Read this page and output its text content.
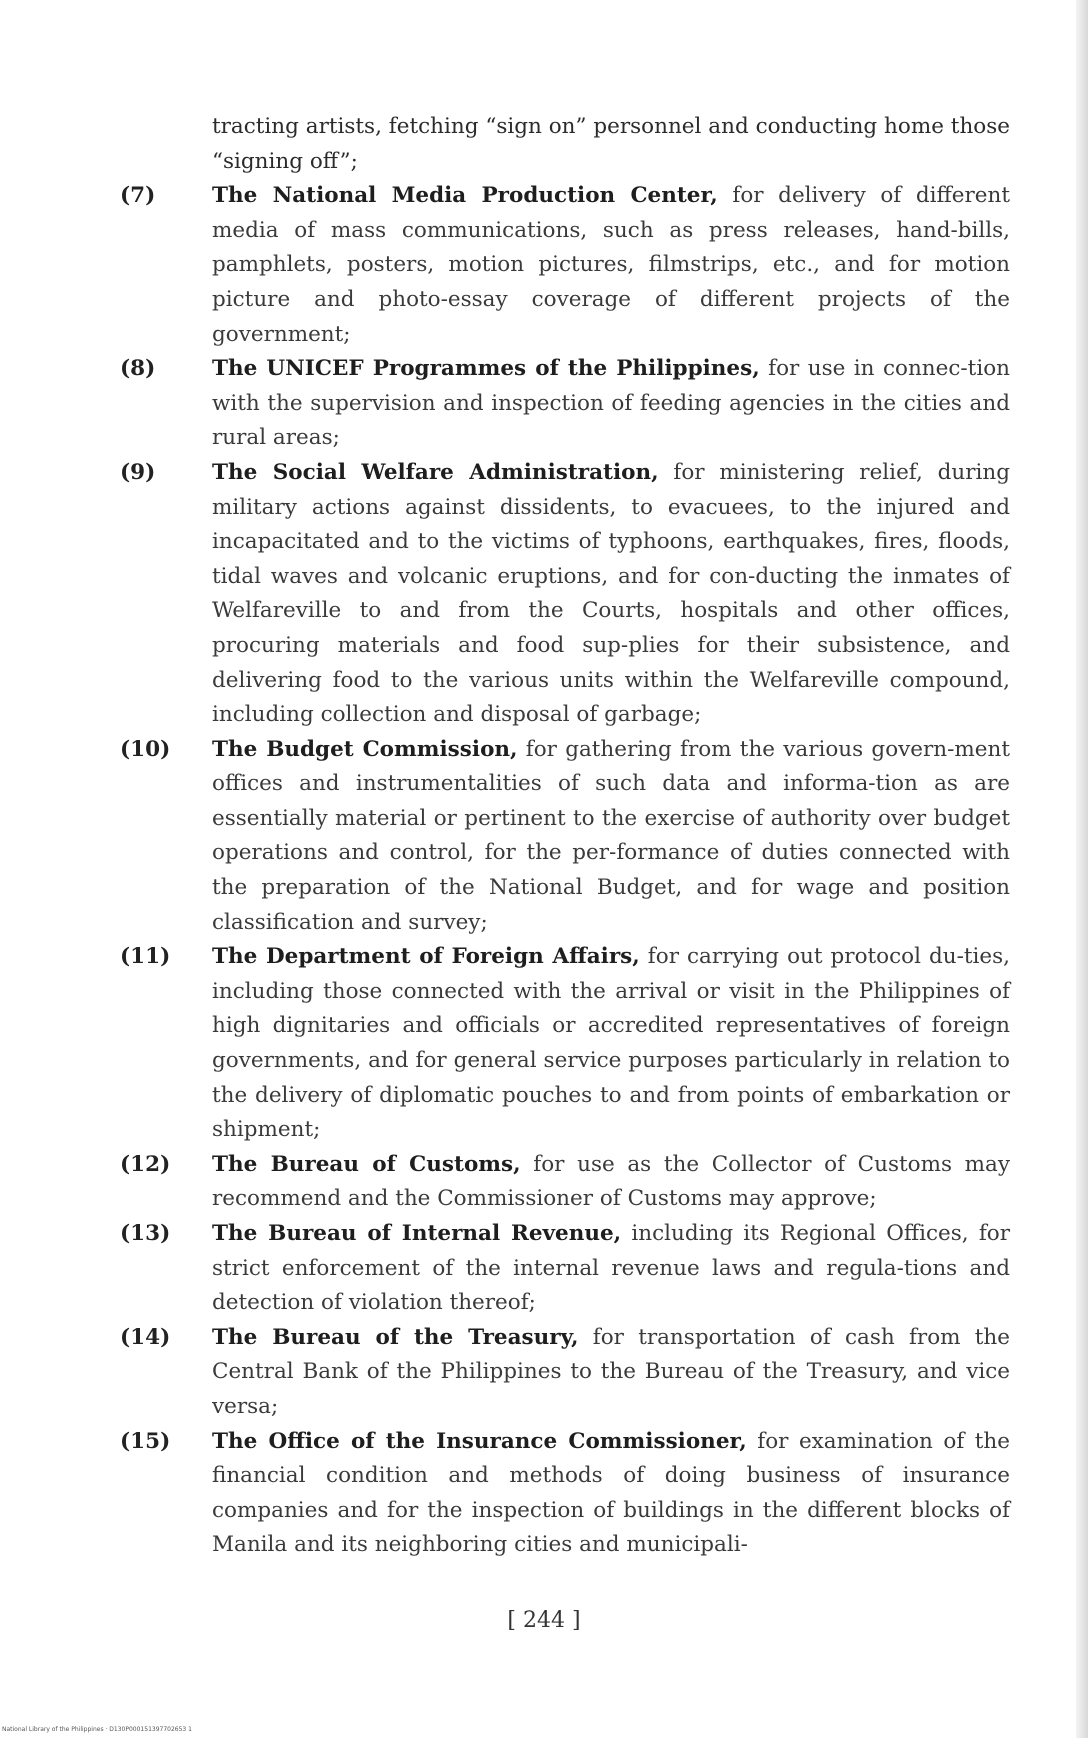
tracting artists, fetching “sign on” personnel and conducting home those “signing off”;
(7)	The National Media Production Center, for delivery of different media of mass communications, such as press releases, hand-bills, pamphlets, posters, motion pictures, filmstrips, etc., and for motion picture and photo-essay coverage of different projects of the government;
(8)	The UNICEF Programmes of the Philippines, for use in connec-tion with the supervision and inspection of feeding agencies in the cities and rural areas;
(9)	The Social Welfare Administration, for ministering relief, during military actions against dissidents, to evacuees, to the injured and incapacitated and to the victims of typhoons, earthquakes, fires, floods, tidal waves and volcanic eruptions, and for con-ducting the inmates of Welfareville to and from the Courts, hospitals and other offices, procuring materials and food sup-plies for their subsistence, and delivering food to the various units within the Welfareville compound, including collection and disposal of garbage;
(10) The Budget Commission, for gathering from the various govern-ment offices and instrumentalities of such data and informa-tion as are essentially material or pertinent to the exercise of authority over budget operations and control, for the per-formance of duties connected with the preparation of the National Budget, and for wage and position classification and survey;
(11) The Department of Foreign Affairs, for carrying out protocol du-ties, including those connected with the arrival or visit in the Philippines of high dignitaries and officials or accredited representatives of foreign governments, and for general service purposes particularly in relation to the delivery of diplomatic pouches to and from points of embarkation or shipment;
(12) The Bureau of Customs, for use as the Collector of Customs may recommend and the Commissioner of Customs may approve;
(13) The Bureau of Internal Revenue, including its Regional Offices, for strict enforcement of the internal revenue laws and regula-tions and detection of violation thereof;
(14) The Bureau of the Treasury, for transportation of cash from the Central Bank of the Philippines to the Bureau of the Treasury, and vice versa;
(15) The Office of the Insurance Commissioner, for examination of the financial condition and methods of doing business of insurance companies and for the inspection of buildings in the different blocks of Manila and its neighboring cities and municipali-
[ 244 ]
National Library of the Philippines · D130P000151397702653 1
